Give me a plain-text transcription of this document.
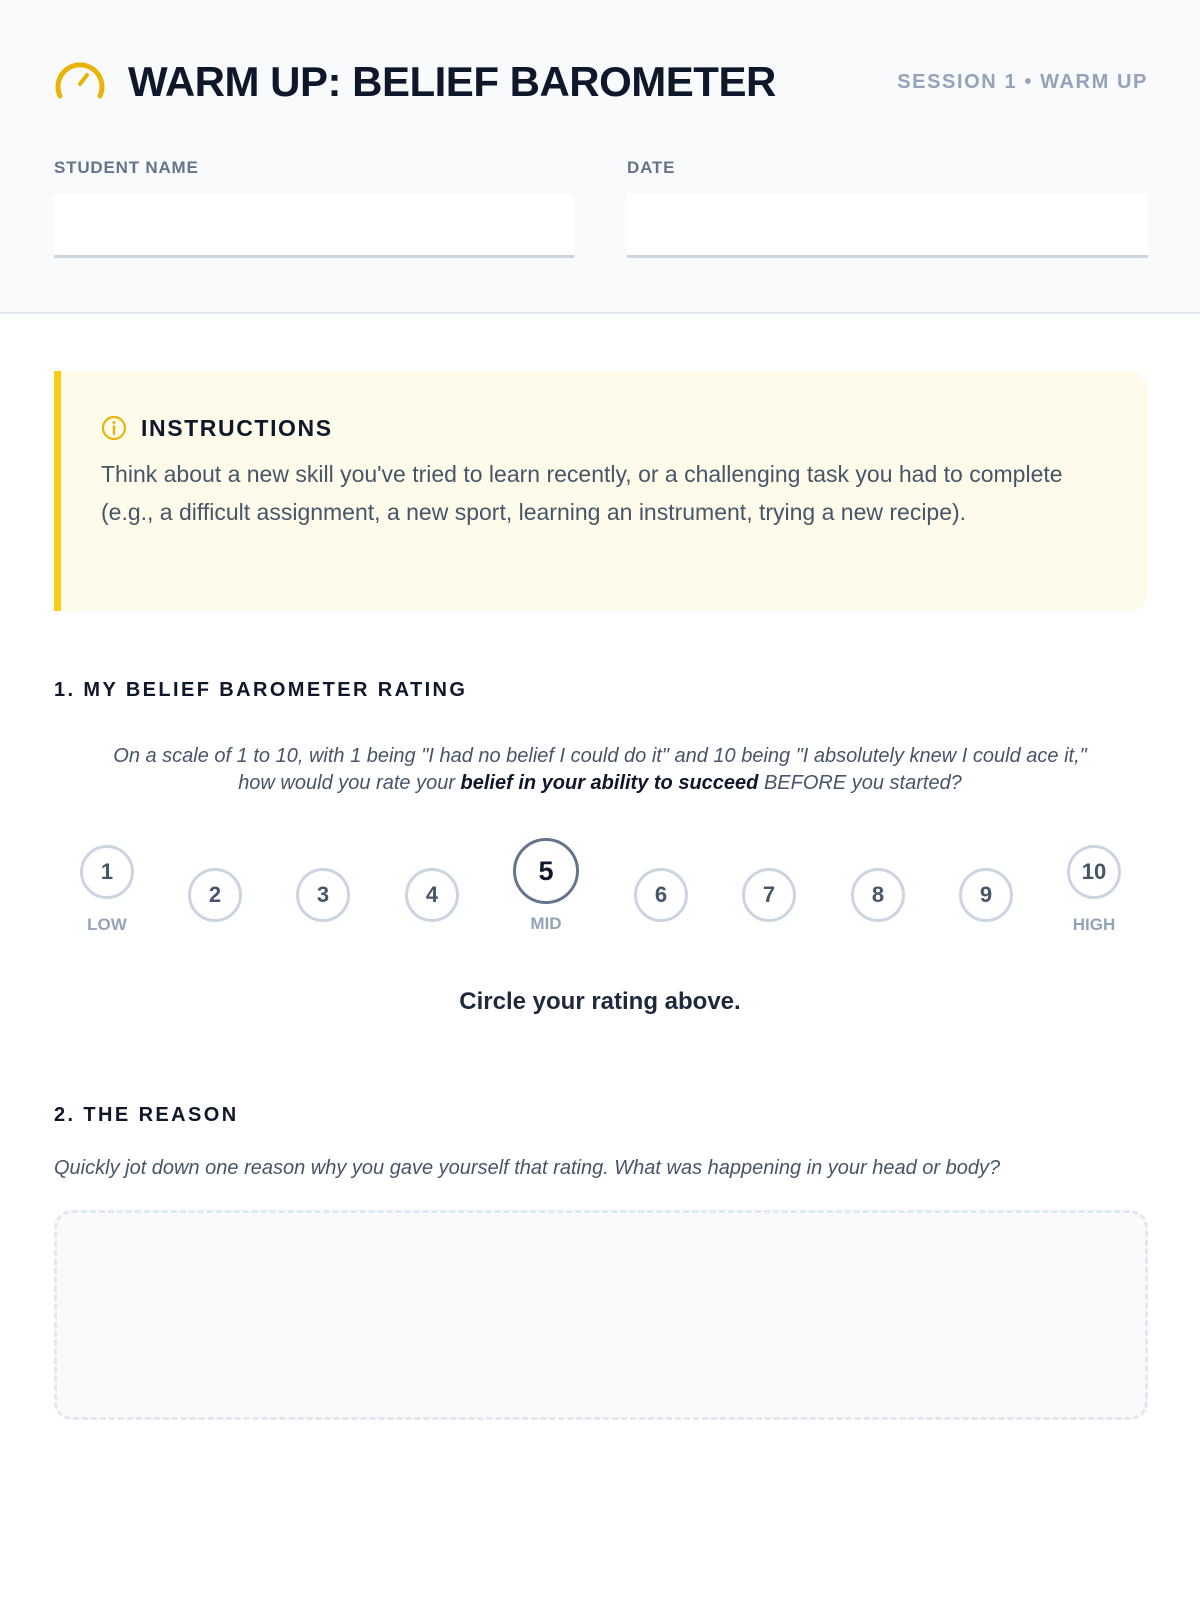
WARM UP: BELIEF BAROMETER	SESSION 1 • WARM UP
STUDENT NAME	DATE
INSTRUCTIONS
Think about a new skill you've tried to learn recently, or a challenging task you had to complete (e.g., a difficult assignment, a new sport, learning an instrument, trying a new recipe).
1. MY BELIEF BAROMETER RATING
On a scale of 1 to 10, with 1 being "I had no belief I could do it" and 10 being "I absolutely knew I could ace it," how would you rate your belief in your ability to succeed BEFORE you started?
1
LOW
2	3	4
5
MID
6	7	8	9
10
HIGH
Circle your rating above.
2. THE REASON
Quickly jot down one reason why you gave yourself that rating. What was happening in your head or body?
